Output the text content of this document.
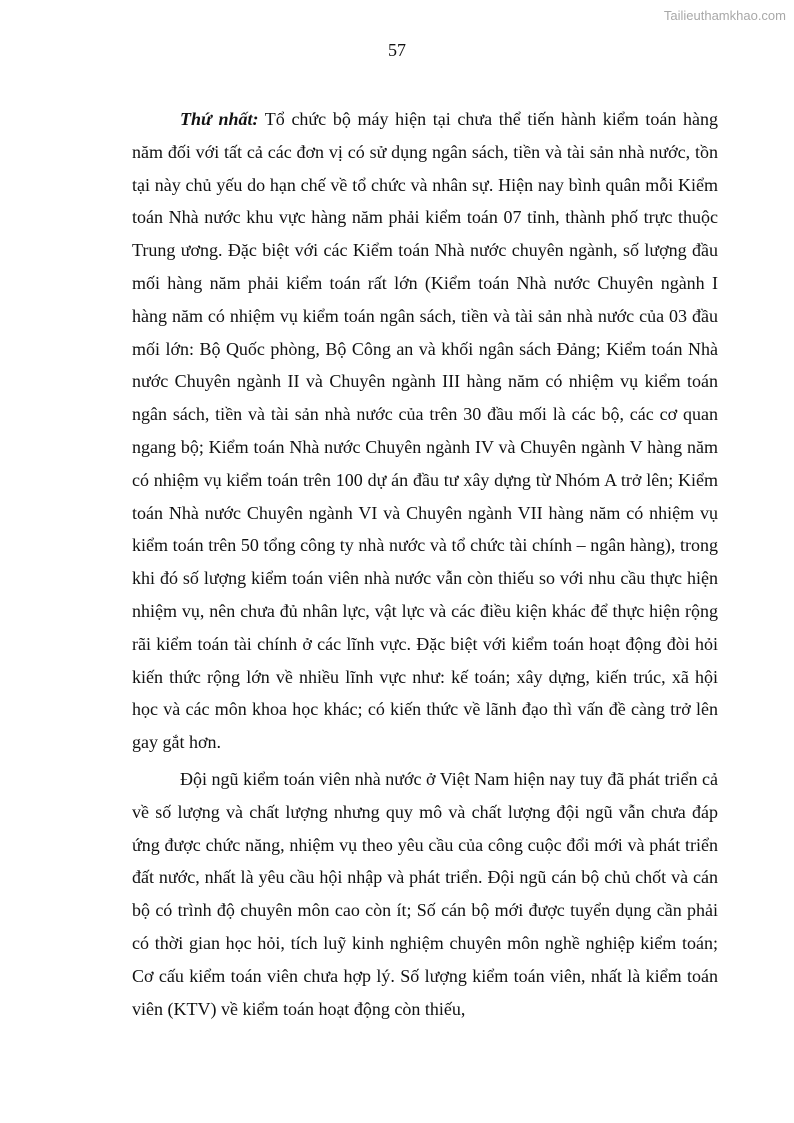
Tailieuthamkhao.com
57

Thứ nhất: Tổ chức bộ máy hiện tại chưa thể tiến hành kiểm toán hàng năm đối với tất cả các đơn vị có sử dụng ngân sách, tiền và tài sản nhà nước, tồn tại này chủ yếu do hạn chế về tổ chức và nhân sự. Hiện nay bình quân mỗi Kiểm toán Nhà nước khu vực hàng năm phải kiểm toán 07 tỉnh, thành phố trực thuộc Trung ương. Đặc biệt với các Kiểm toán Nhà nước chuyên ngành, số lượng đầu mối hàng năm phải kiểm toán rất lớn (Kiểm toán Nhà nước Chuyên ngành I hàng năm có nhiệm vụ kiểm toán ngân sách, tiền và tài sản nhà nước của 03 đầu mối lớn: Bộ Quốc phòng, Bộ Công an và khối ngân sách Đảng; Kiểm toán Nhà nước Chuyên ngành II và Chuyên ngành III hàng năm có nhiệm vụ kiểm toán ngân sách, tiền và tài sản nhà nước của trên 30 đầu mối là các bộ, các cơ quan ngang bộ; Kiểm toán Nhà nước Chuyên ngành IV và Chuyên ngành V hàng năm có nhiệm vụ kiểm toán trên 100 dự án đầu tư xây dựng từ Nhóm A trở lên; Kiểm toán Nhà nước Chuyên ngành VI và Chuyên ngành VII hàng năm có nhiệm vụ kiểm toán trên 50 tổng công ty nhà nước và tổ chức tài chính – ngân hàng), trong khi đó số lượng kiểm toán viên nhà nước vẫn còn thiếu so với nhu cầu thực hiện nhiệm vụ, nên chưa đủ nhân lực, vật lực và các điều kiện khác để thực hiện rộng rãi kiểm toán tài chính ở các lĩnh vực. Đặc biệt với kiểm toán hoạt động đòi hỏi kiến thức rộng lớn về nhiều lĩnh vực như: kế toán; xây dựng, kiến trúc, xã hội học và các môn khoa học khác; có kiến thức về lãnh đạo thì vấn đề càng trở lên gay gắt hơn.

Đội ngũ kiểm toán viên nhà nước ở Việt Nam hiện nay tuy đã phát triển cả về số lượng và chất lượng nhưng quy mô và chất lượng đội ngũ vẫn chưa đáp ứng được chức năng, nhiệm vụ theo yêu cầu của công cuộc đổi mới và phát triển đất nước, nhất là yêu cầu hội nhập và phát triển. Đội ngũ cán bộ chủ chốt và cán bộ có trình độ chuyên môn cao còn ít; Số cán bộ mới được tuyển dụng cần phải có thời gian học hỏi, tích luỹ kinh nghiệm chuyên môn nghề nghiệp kiểm toán; Cơ cấu kiểm toán viên chưa hợp lý. Số lượng kiểm toán viên, nhất là kiểm toán viên (KTV) về kiểm toán hoạt động còn thiếu,
